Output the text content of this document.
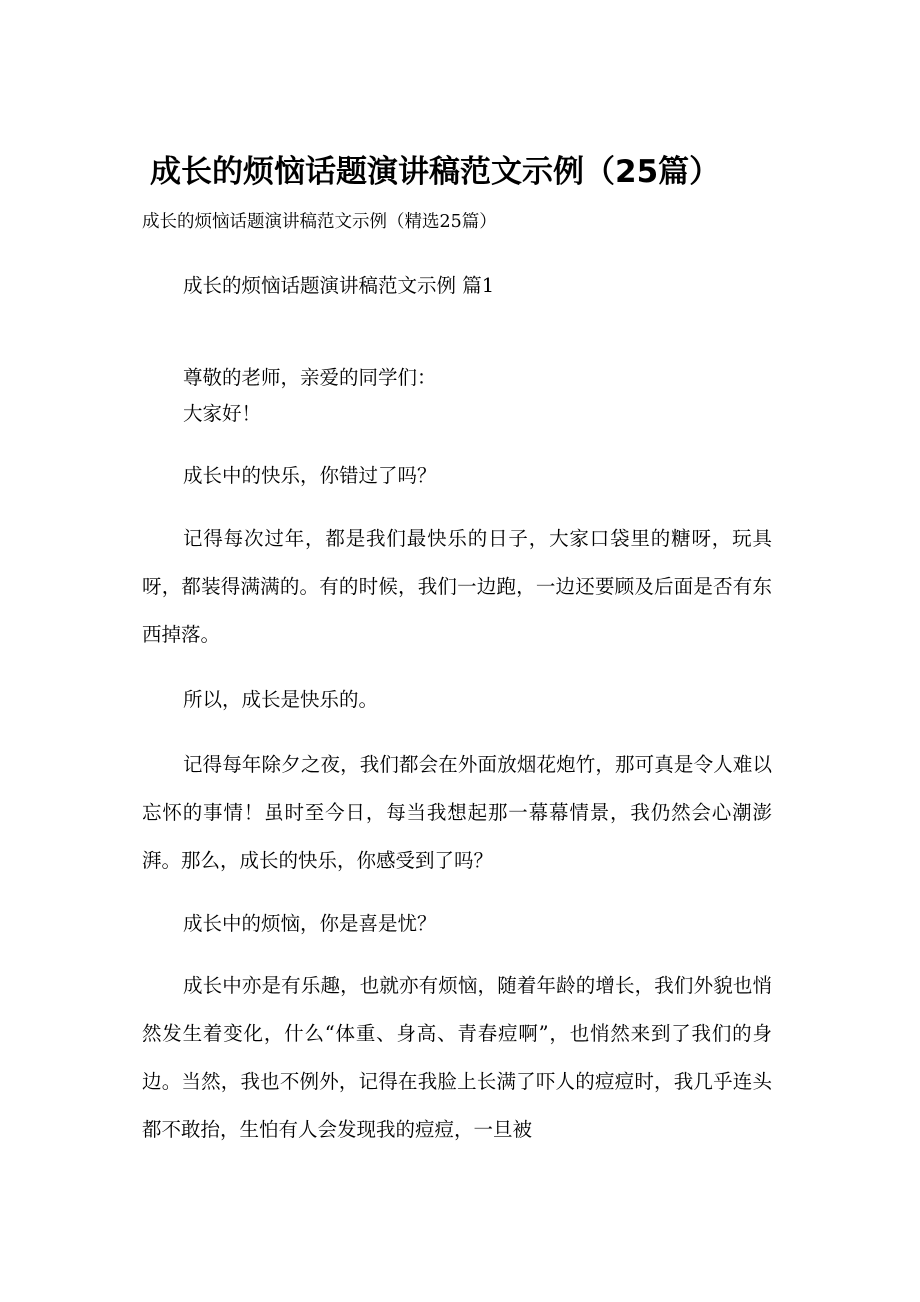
成长的烦恼话题演讲稿范文示例（25篇）
成长的烦恼话题演讲稿范文示例（精选25篇）
成长的烦恼话题演讲稿范文示例 篇1
尊敬的老师，亲爱的同学们：
大家好！
成长中的快乐，你错过了吗？
记得每次过年，都是我们最快乐的日子，大家口袋里的糖呀，玩具呀，都装得满满的。有的时候，我们一边跑，一边还要顾及后面是否有东西掉落。
所以，成长是快乐的。
记得每年除夕之夜，我们都会在外面放烟花炮竹，那可真是令人难以忘怀的事情！虽时至今日，每当我想起那一幕幕情景，我仍然会心潮澎湃。那么，成长的快乐，你感受到了吗？
成长中的烦恼，你是喜是忧？
成长中亦是有乐趣，也就亦有烦恼，随着年龄的增长，我们外貌也悄然发生着变化，什么“体重、身高、青春痘啊”，也悄然来到了我们的身边。当然，我也不例外，记得在我脸上长满了吓人的痘痘时，我几乎连头都不敢抬，生怕有人会发现我的痘痘，一旦被
